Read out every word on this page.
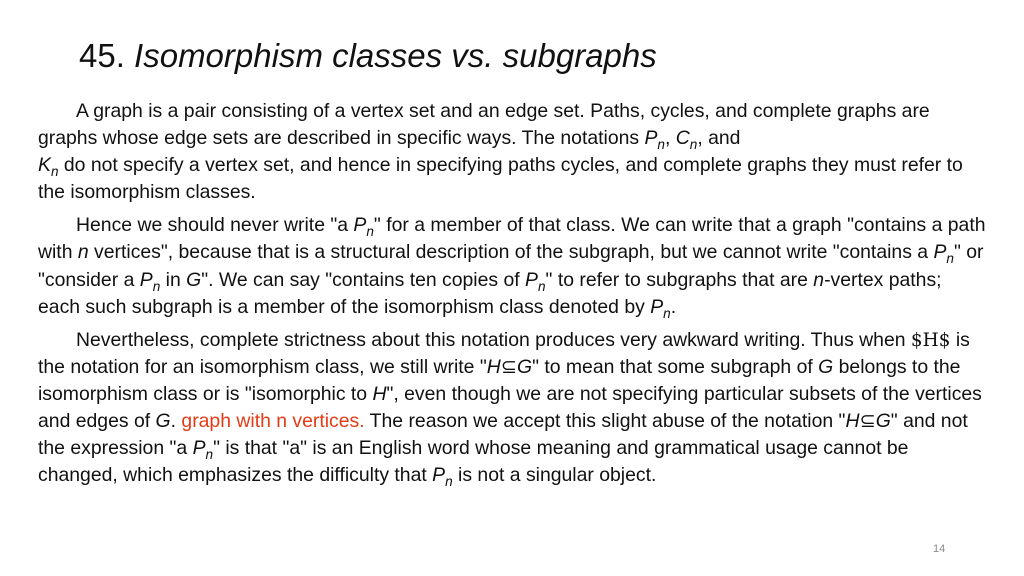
45. Isomorphism classes vs. subgraphs

A graph is a pair consisting of a vertex set and an edge set. Paths, cycles, and complete graphs are graphs whose edge sets are described in specific ways. The notations $P_n$, $C_n$, and
$K_n$ do not specify a vertex set, and hence in specifying paths cycles, and complete graphs they must refer to the isomorphism classes.

Hence we should never write "a $P_n$" for a member of that class. We can write that a graph "contains a path with n vertices", because that is a structural description of the subgraph, but we cannot write "contains a $P_n$" or "consider a $P_n$ in G". We can say "contains ten copies of $P_n$" to refer to subgraphs that are n-vertex paths; each such subgraph is a member of the isomorphism class denoted by $P_n$.

Nevertheless, complete strictness about this notation produces very awkward writing. Thus when $H$ is the notation for an isomorphism class, we still write "H⊆G" to mean that some subgraph of G belongs to the isomorphism class or is "isomorphic to H", even though we are not specifying particular subsets of the vertices and edges of G. graph with n vertices. The reason we accept this slight abuse of the notation "H⊆G" and not the expression "a $P_n$" is that "a" is an English word whose meaning and grammatical usage cannot be changed, which emphasizes the difficulty that $P_n$ is not a singular object.

14
